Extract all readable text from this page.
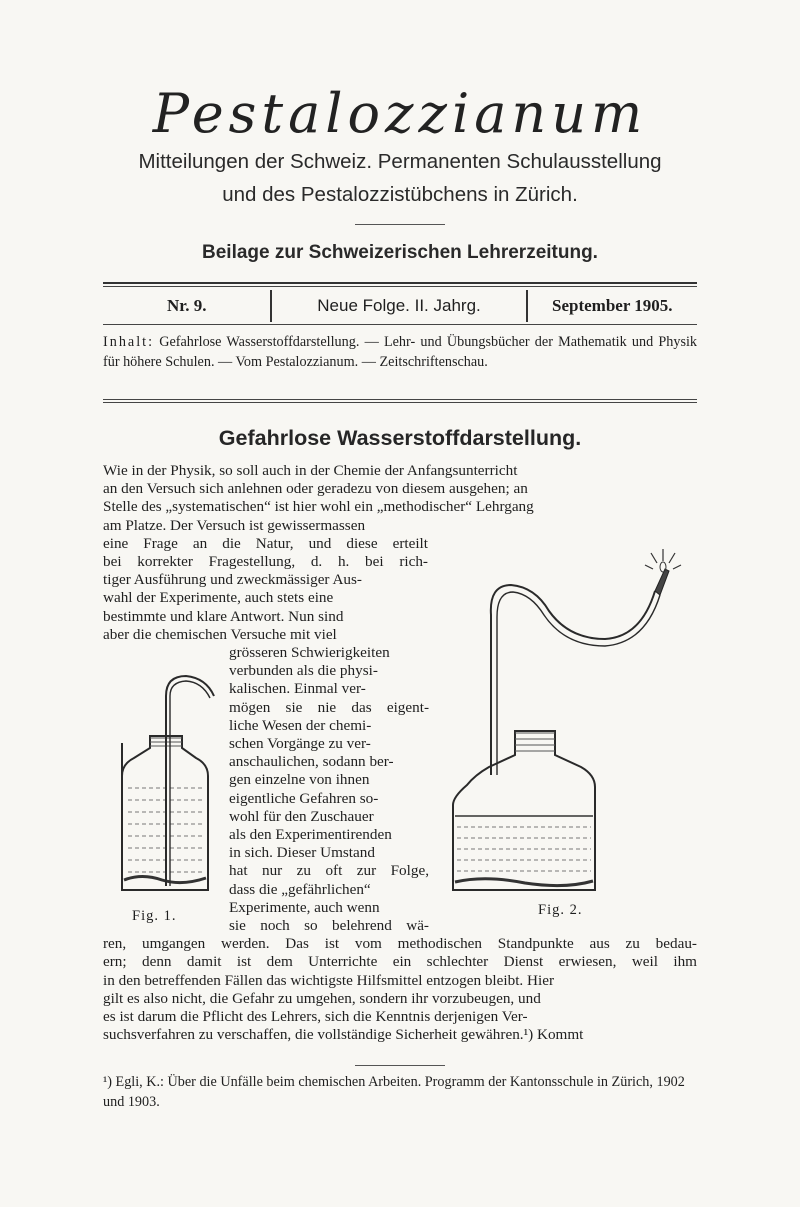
Pestalozzianum
Mitteilungen der Schweiz. Permanenten Schulausstellung
und des Pestalozzistübchens in Zürich.
Beilage zur Schweizerischen Lehrerzeitung.
Nr. 9.	Neue Folge. II. Jahrg.	September 1905.
Inhalt: Gefahrlose Wasserstoffdarstellung. — Lehr- und Übungsbücher der Mathematik und Physik für höhere Schulen. — Vom Pestalozzianum. — Zeitschriftenschau.
Gefahrlose Wasserstoffdarstellung.
Wie in der Physik, so soll auch in der Chemie der Anfangsunterricht
an den Versuch sich anlehnen oder geradezu von diesem ausgehen; an
Stelle des „systematischen“ ist hier wohl ein „methodischer“ Lehrgang
am Platze. Der Versuch ist gewissermassen
eine Frage an die Natur, und diese erteilt
bei korrekter Fragestellung, d. h. bei rich-
tiger Ausführung und zweckmässiger Aus-
wahl der Experimente, auch stets eine
bestimmte und klare Antwort. Nun sind
aber die chemischen Versuche mit viel
grösseren Schwierigkeiten
verbunden als die physi-
kalischen. Einmal ver-
mögen sie nie das eigent-
liche Wesen der chemi-
schen Vorgänge zu ver-
anschaulichen, sodann ber-
gen einzelne von ihnen
eigentliche Gefahren so-
wohl für den Zuschauer
als den Experimentirenden
in sich. Dieser Umstand
hat nur zu oft zur Folge,
dass die „gefährlichen“
Experimente, auch wenn
sie noch so belehrend wä-
ren, umgangen werden. Das ist vom methodischen Standpunkte aus zu bedau-
ern; denn damit ist dem Unterrichte ein schlechter Dienst erwiesen, weil ihm
in den betreffenden Fällen das wichtigste Hilfsmittel entzogen bleibt. Hier
gilt es also nicht, die Gefahr zu umgehen, sondern ihr vorzubeugen, und
es ist darum die Pflicht des Lehrers, sich die Kenntnis derjenigen Ver-
suchsverfahren zu verschaffen, die vollständige Sicherheit gewähren.¹) Kommt
Fig. 1.	Fig. 2.
¹) Egli, K.: Über die Unfälle beim chemischen Arbeiten. Programm der Kantonsschule in Zürich, 1902 und 1903.
